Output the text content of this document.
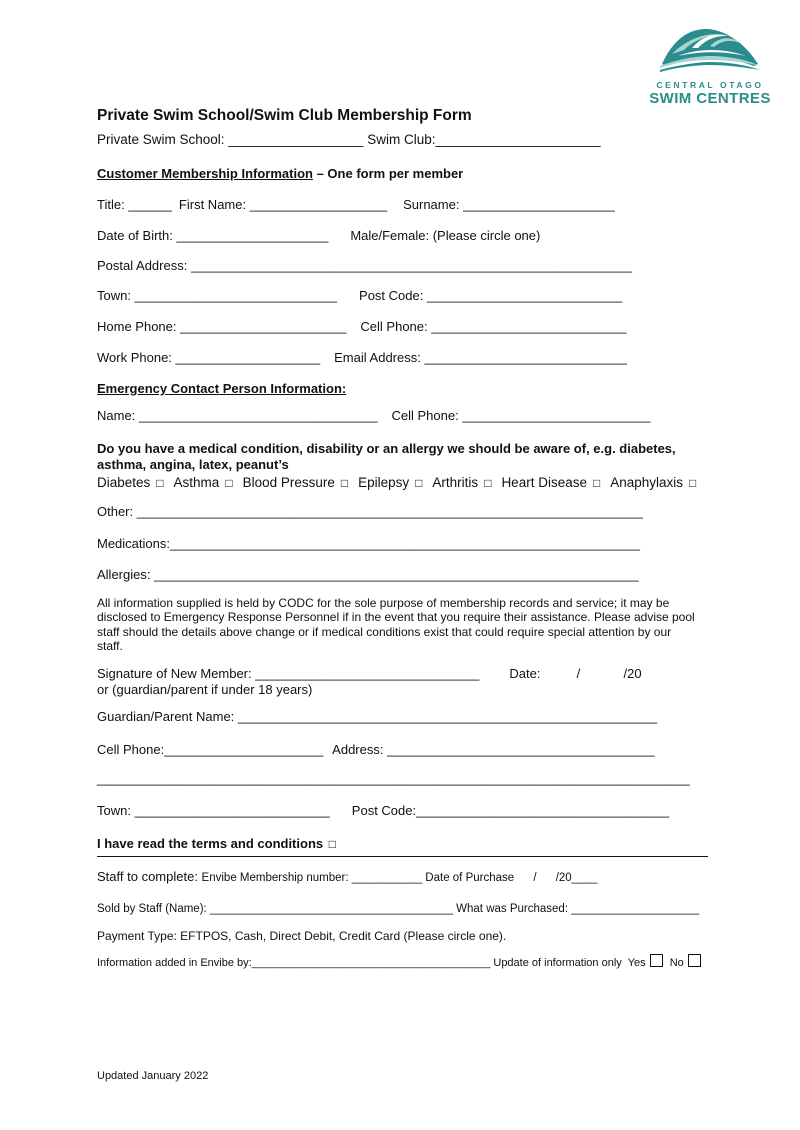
CENTRAL OTAGO
SWIM CENTRES
Private Swim School/Swim Club Membership Form
Private Swim School: __________________ Swim Club:______________________
Customer Membership Information – One form per member
Title: ______  First Name: ___________________ Surname: _____________________
Date of Birth: _____________________ Male/Female: (Please circle one)
Postal Address: _____________________________________________________________
Town: ____________________________ Post Code: ___________________________
Home Phone: _______________________ Cell Phone: ___________________________
Work Phone: ____________________ Email Address: ____________________________
Emergency Contact Person Information:
Name: _________________________________ Cell Phone: __________________________
Do you have a medical condition, disability or an allergy we should be aware of, e.g. diabetes, asthma, angina, latex, peanut’s
Diabetes □ Asthma □ Blood Pressure □ Epilepsy □ Arthritis □ Heart Disease □ Anaphylaxis □
Other: ______________________________________________________________________
Medications:_________________________________________________________________
Allergies: ___________________________________________________________________
All information supplied is held by CODC for the sole purpose of membership records and service; it may be disclosed to Emergency Response Personnel if in the event that you require their assistance. Please advise pool staff should the details above change or if medical conditions exist that could require special attention by our staff.
Signature of New Member: _______________________________ Date:          /            /20
or (guardian/parent if under 18 years)
Guardian/Parent Name: __________________________________________________________
Cell Phone:______________________ Address: _____________________________________
__________________________________________________________________________________
Town: ___________________________ Post Code:___________________________________
I have read the terms and conditions □
Staff to complete: Envibe Membership number: ___________ Date of Purchase      /      /20____
Sold by Staff (Name): ______________________________________ What was Purchased: ____________________
Payment Type: EFTPOS, Cash, Direct Debit, Credit Card (Please circle one).
Information added in Envibe by:_______________________________________ Update of information only  Yes No
Updated January 2022
